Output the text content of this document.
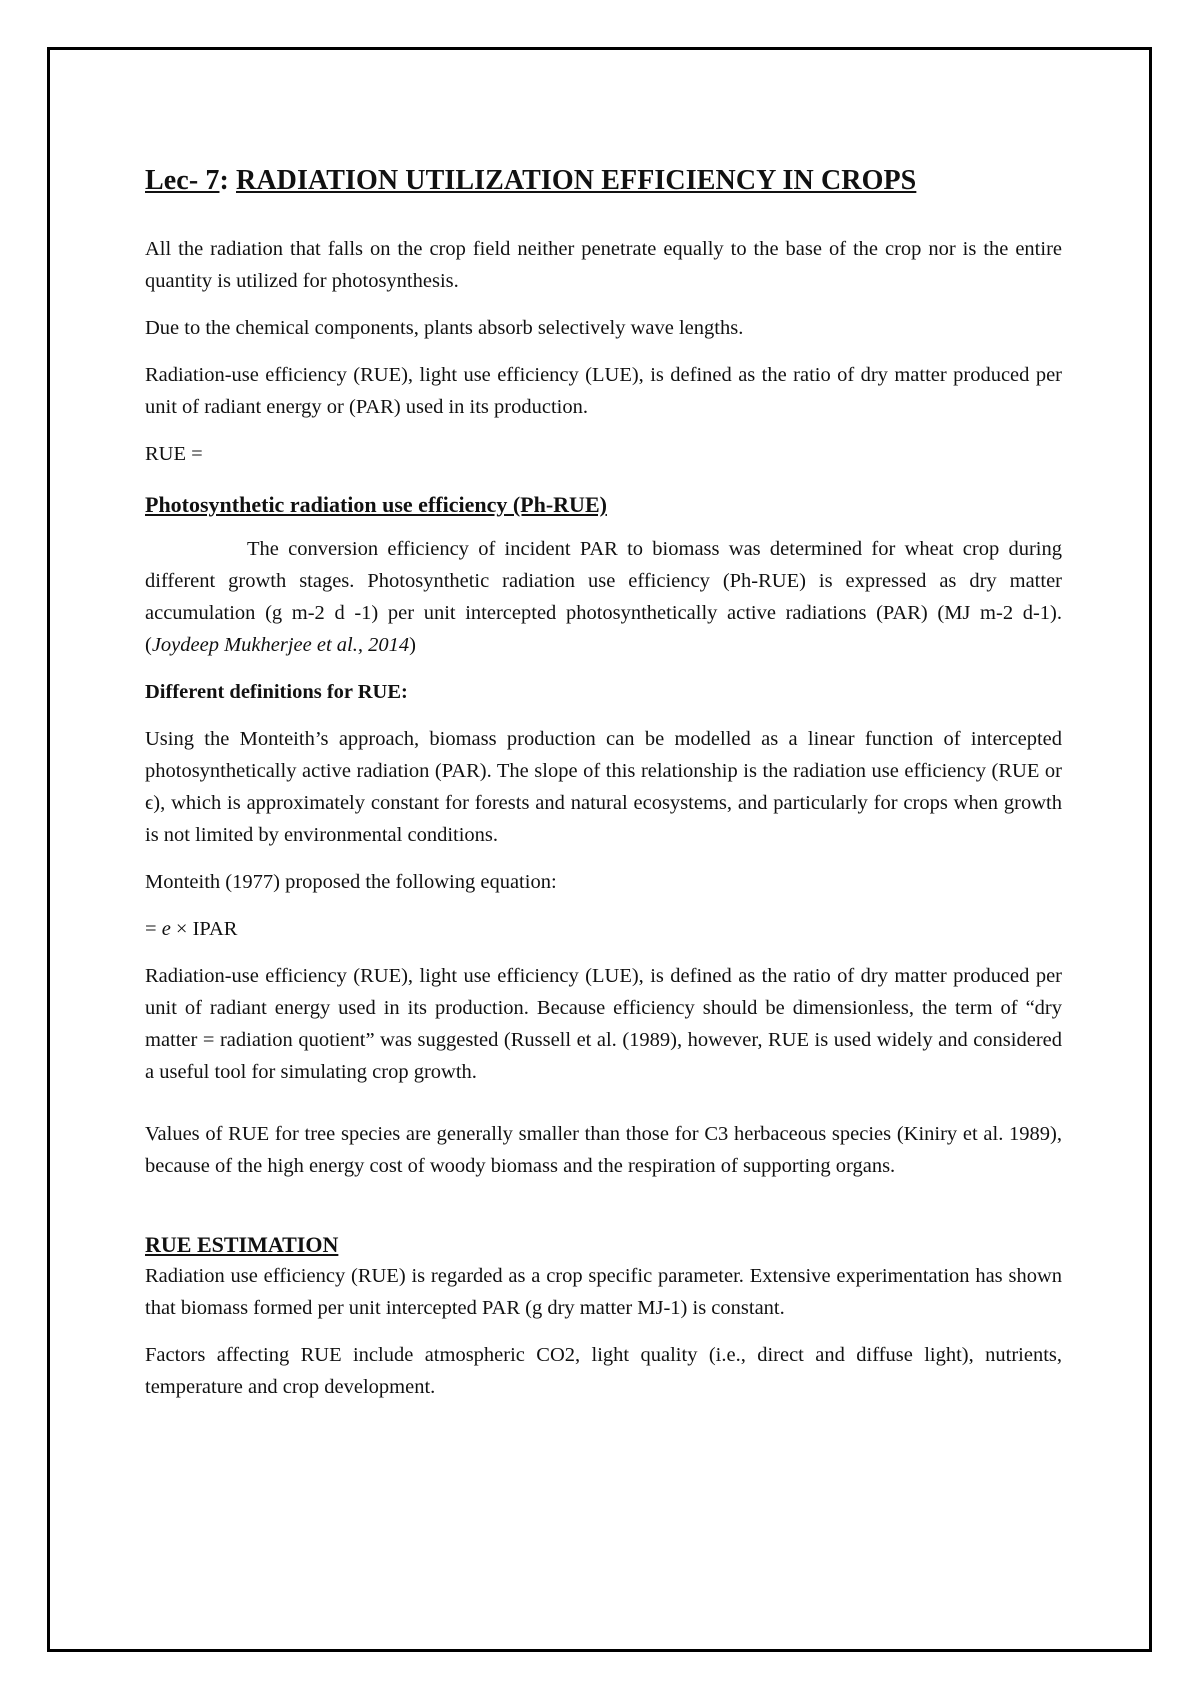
Lec- 7: RADIATION UTILIZATION EFFICIENCY IN CROPS

All the radiation that falls on the crop field neither penetrate equally to the base of the crop nor is the entire quantity is utilized for photosynthesis.

Due to the chemical components, plants absorb selectively wave lengths.

Radiation-use efficiency (RUE), light use efficiency (LUE), is defined as the ratio of dry matter produced per unit of radiant energy or (PAR) used in its production.

RUE =

Photosynthetic radiation use efficiency (Ph-RUE)

The conversion efficiency of incident PAR to biomass was determined for wheat crop during different growth stages. Photosynthetic radiation use efficiency (Ph-RUE) is expressed as dry matter accumulation (g m-2 d -1) per unit intercepted photosynthetically active radiations (PAR) (MJ m-2 d-1). (Joydeep Mukherjee et al., 2014)

Different definitions for RUE:

Using the Monteith’s approach, biomass production can be modelled as a linear function of intercepted photosynthetically active radiation (PAR). The slope of this relationship is the radiation use efficiency (RUE or ϵ), which is approximately constant for forests and natural ecosystems, and particularly for crops when growth is not limited by environmental conditions.

Monteith (1977) proposed the following equation:

= e × IPAR

Radiation-use efficiency (RUE), light use efficiency (LUE), is defined as the ratio of dry matter produced per unit of radiant energy used in its production. Because efficiency should be dimensionless, the term of “dry matter = radiation quotient” was suggested (Russell et al. (1989), however, RUE is used widely and considered a useful tool for simulating crop growth.

Values of RUE for tree species are generally smaller than those for C3 herbaceous species (Kiniry et al. 1989), because of the high energy cost of woody biomass and the respiration of supporting organs.

RUE ESTIMATION

Radiation use efficiency (RUE) is regarded as a crop specific parameter. Extensive experimentation has shown that biomass formed per unit intercepted PAR (g dry matter MJ-1) is constant.

Factors affecting RUE include atmospheric CO2, light quality (i.e., direct and diffuse light), nutrients, temperature and crop development.
